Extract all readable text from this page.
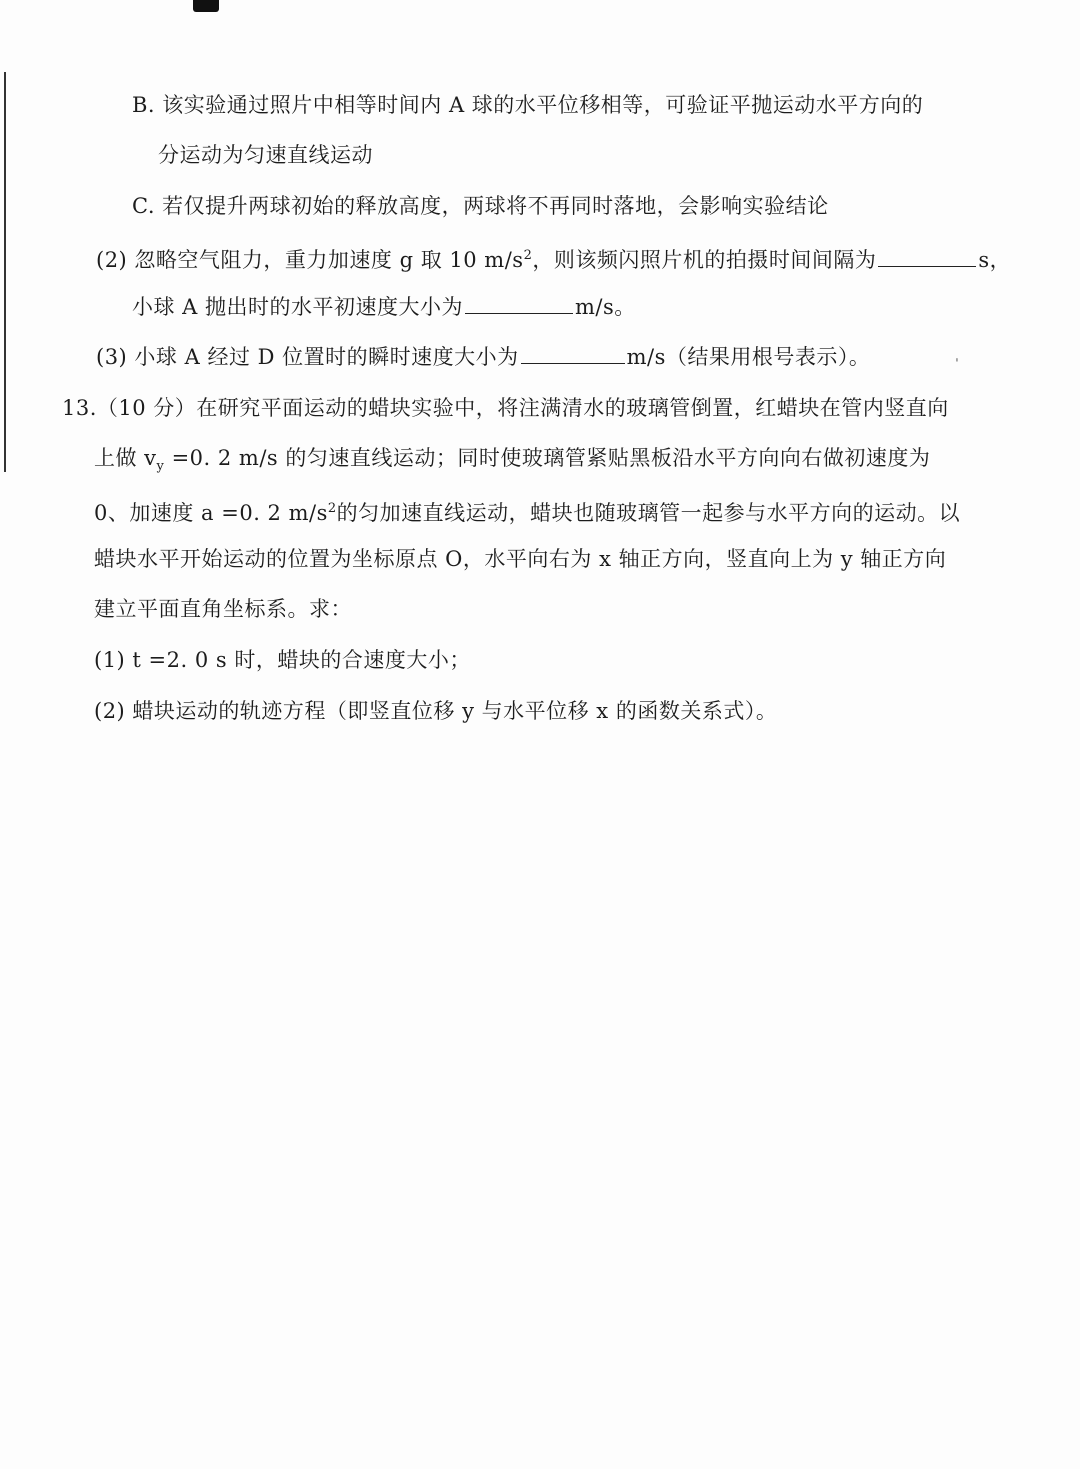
B. 该实验通过照片中相等时间内 A 球的水平位移相等，可验证平抛运动水平方向的
分运动为匀速直线运动
C. 若仅提升两球初始的释放高度，两球将不再同时落地，会影响实验结论
(2) 忽略空气阻力，重力加速度 g 取 10 $m/s^2$，则该频闪照片机的拍摄时间间隔为	s，
小球 A 抛出时的水平初速度大小为	m/s。
(3) 小球 A 经过 D 位置时的瞬时速度大小为	m/s（结果用根号表示）。	ˌ
13.（10 分）在研究平面运动的蜡块实验中，将注满清水的玻璃管倒置，红蜡块在管内竖直向
上做 $v_y =0$. 2 m/s 的匀速直线运动；同时使玻璃管紧贴黑板沿水平方向向右做初速度为
0、加速度 a =0. 2 $m/s^2$的匀加速直线运动，蜡块也随玻璃管一起参与水平方向的运动。以
蜡块水平开始运动的位置为坐标原点 O，水平向右为 x 轴正方向，竖直向上为 y 轴正方向
建立平面直角坐标系。求：
(1) t =2. 0 s 时，蜡块的合速度大小；
(2) 蜡块运动的轨迹方程（即竖直位移 y 与水平位移 x 的函数关系式）。
